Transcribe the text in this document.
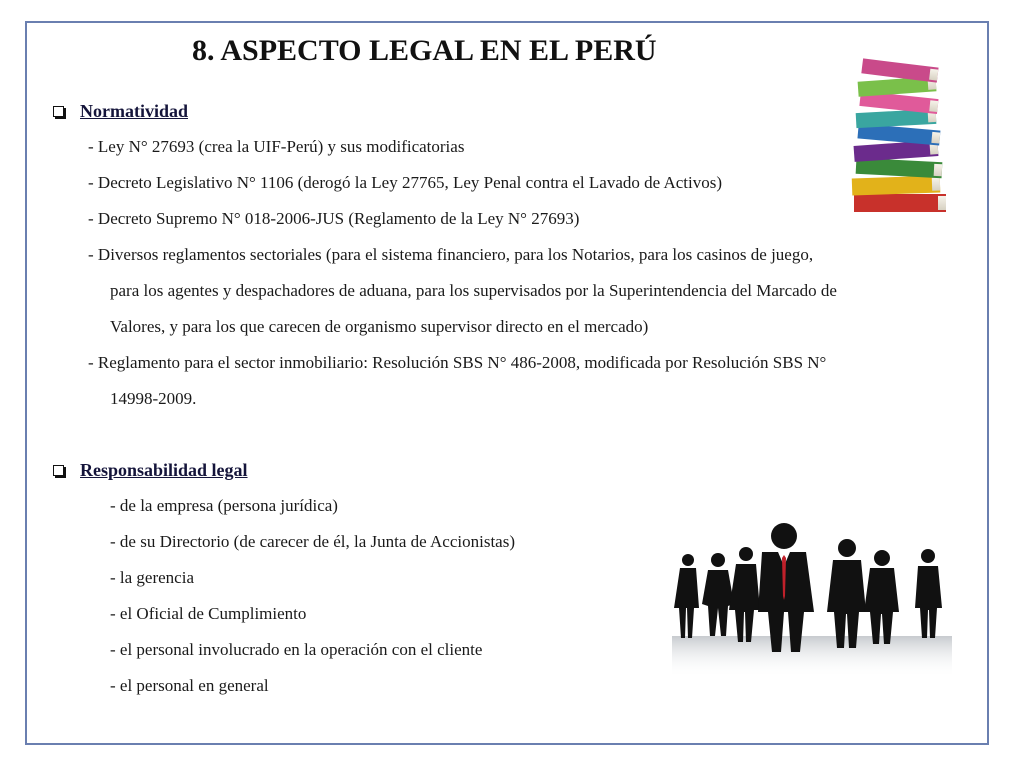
8. ASPECTO LEGAL EN EL PERÚ
Normatividad
- Ley N° 27693 (crea la UIF-Perú) y sus modificatorias
- Decreto Legislativo N° 1106 (derogó la Ley 27765, Ley Penal contra el Lavado de Activos)
- Decreto Supremo N° 018-2006-JUS (Reglamento de la Ley N° 27693)
- Diversos reglamentos sectoriales (para el sistema financiero, para los Notarios, para los casinos de juego,
para los agentes y despachadores de aduana, para los supervisados por la Superintendencia del Marcado de
Valores, y para los que carecen de organismo supervisor directo en el mercado)
- Reglamento para el sector inmobiliario: Resolución SBS N° 486-2008, modificada por Resolución SBS N°
14998-2009.
Responsabilidad legal
- de la empresa (persona jurídica)
- de su Directorio (de carecer de él, la Junta de Accionistas)
- la gerencia
- el Oficial de Cumplimiento
- el personal involucrado en la operación con el cliente
- el personal en general
